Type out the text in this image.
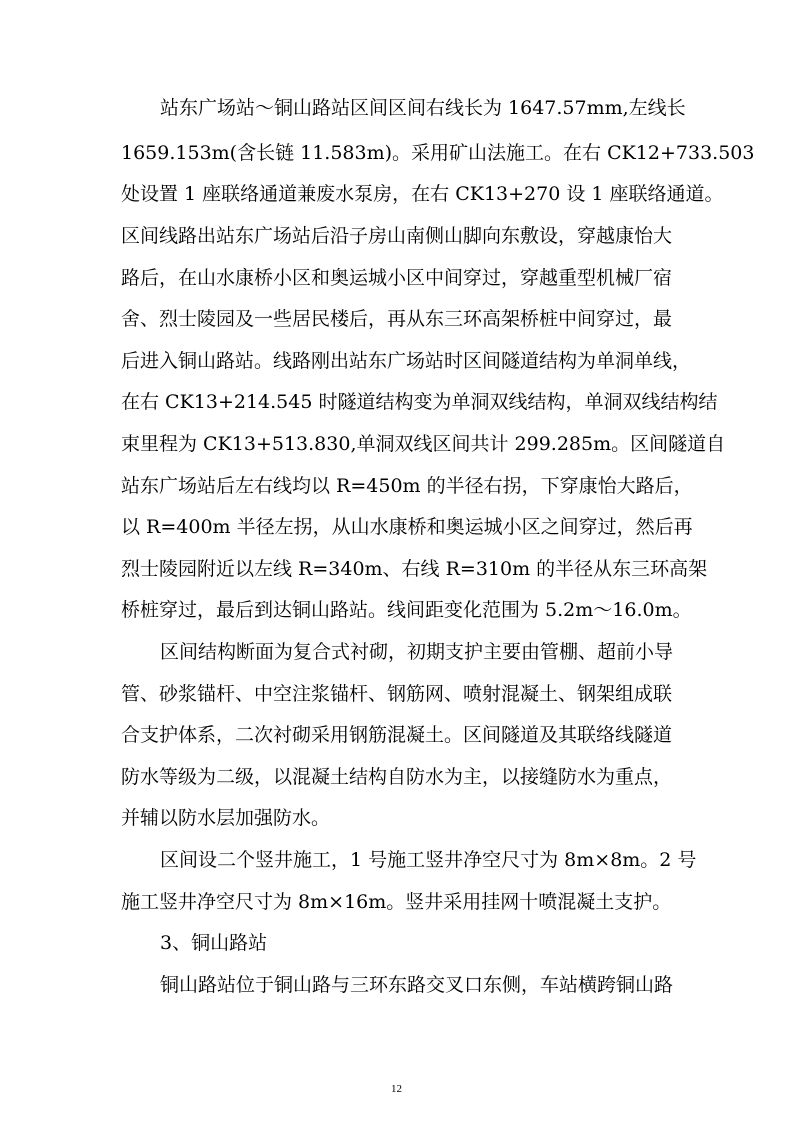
站东广场站～铜山路站区间区间右线长为 1647.57mm,左线长
1659.153m(含长链 11.583m)。采用矿山法施工。在右 CK12+733.503
处设置 1 座联络通道兼废水泵房，在右 CK13+270 设 1 座联络通道。
区间线路出站东广场站后沿子房山南侧山脚向东敷设，穿越康怡大
路后，在山水康桥小区和奥运城小区中间穿过，穿越重型机械厂宿
舍、烈士陵园及一些居民楼后，再从东三环高架桥桩中间穿过，最
后进入铜山路站。线路刚出站东广场站时区间隧道结构为单洞单线，
在右 CK13+214.545 时隧道结构变为单洞双线结构，单洞双线结构结
束里程为 CK13+513.830,单洞双线区间共计 299.285m。区间隧道自
站东广场站后左右线均以 R=450m 的半径右拐，下穿康怡大路后，
以 R=400m 半径左拐，从山水康桥和奥运城小区之间穿过，然后再
烈士陵园附近以左线 R=340m、右线 R=310m 的半径从东三环高架
桥桩穿过，最后到达铜山路站。线间距变化范围为 5.2m～16.0m。
区间结构断面为复合式衬砌，初期支护主要由管棚、超前小导
管、砂浆锚杆、中空注浆锚杆、钢筋网、喷射混凝土、钢架组成联
合支护体系，二次衬砌采用钢筋混凝土。区间隧道及其联络线隧道
防水等级为二级，以混凝土结构自防水为主，以接缝防水为重点，
并辅以防水层加强防水。
区间设二个竖井施工，1 号施工竖井净空尺寸为 8m×8m。2 号
施工竖井净空尺寸为 8m×16m。竖井采用挂网十喷混凝土支护。
3、铜山路站
铜山路站位于铜山路与三环东路交叉口东侧，车站横跨铜山路
12
